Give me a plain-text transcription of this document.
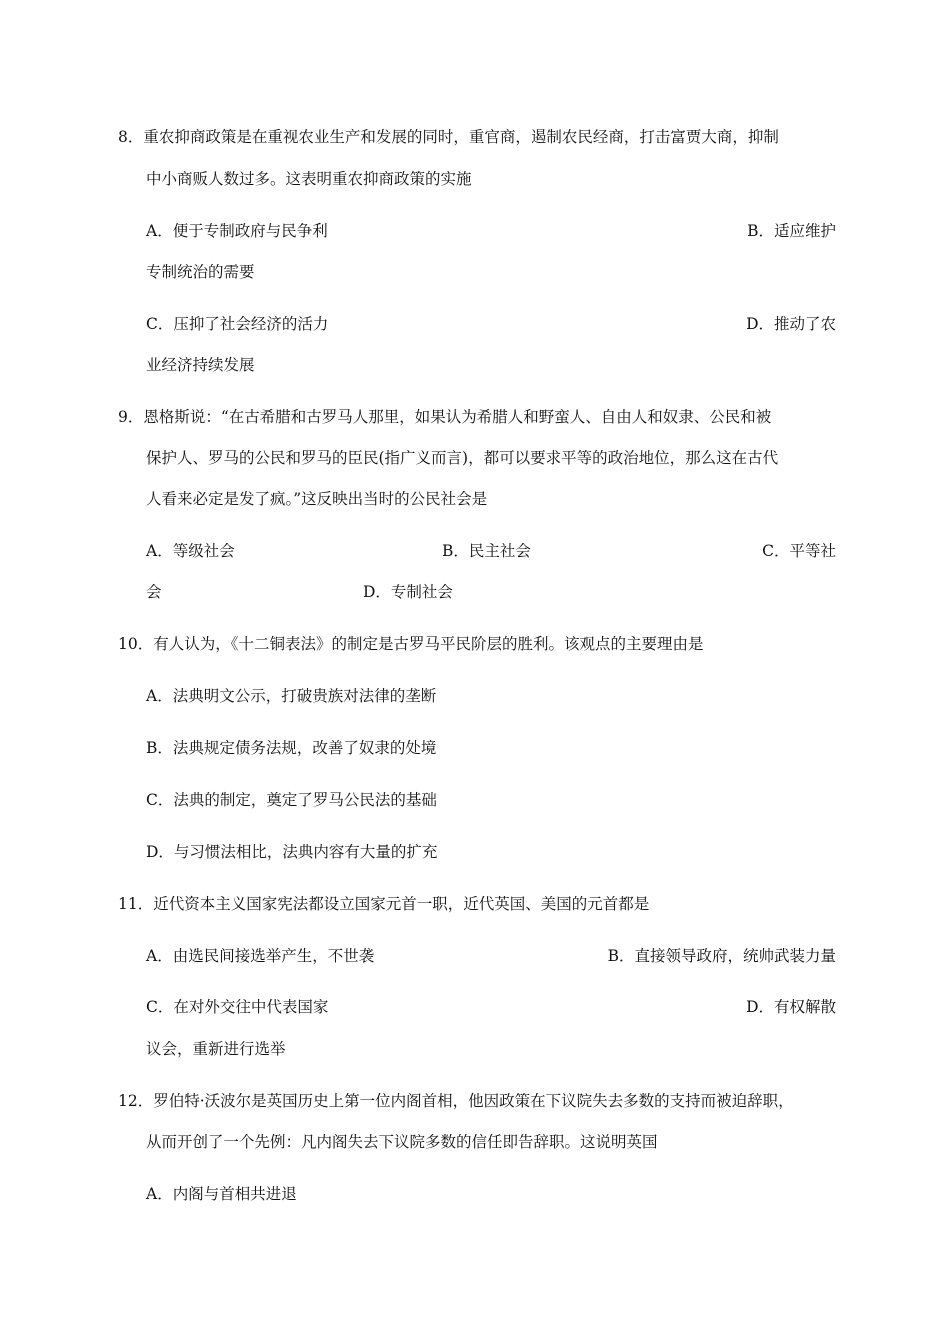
8．重农抑商政策是在重视农业生产和发展的同时，重官商，遏制农民经商，打击富贾大商，抑制
中小商贩人数过多。这表明重农抑商政策的实施
A．便于专制政府与民争利	B．适应维护
专制统治的需要
C．压抑了社会经济的活力	D．推动了农
业经济持续发展
9．恩格斯说：“在古希腊和古罗马人那里，如果认为希腊人和野蛮人、自由人和奴隶、公民和被
保护人、罗马的公民和罗马的臣民(指广义而言)，都可以要求平等的政治地位，那么这在古代
人看来必定是发了疯。”这反映出当时的公民社会是
A．等级社会	B．民主社会	C．平等社
会	D．专制社会
10．有人认为，《十二铜表法》的制定是古罗马平民阶层的胜利。该观点的主要理由是
A．法典明文公示，打破贵族对法律的垄断
B．法典规定债务法规，改善了奴隶的处境
C．法典的制定，奠定了罗马公民法的基础
D．与习惯法相比，法典内容有大量的扩充
11．近代资本主义国家宪法都设立国家元首一职，近代英国、美国的元首都是
A．由选民间接选举产生，不世袭	B．直接领导政府，统帅武装力量
C．在对外交往中代表国家	D．有权解散
议会，重新进行选举
12．罗伯特·沃波尔是英国历史上第一位内阁首相，他因政策在下议院失去多数的支持而被迫辞职，
从而开创了一个先例：凡内阁失去下议院多数的信任即告辞职。这说明英国
A．内阁与首相共进退
